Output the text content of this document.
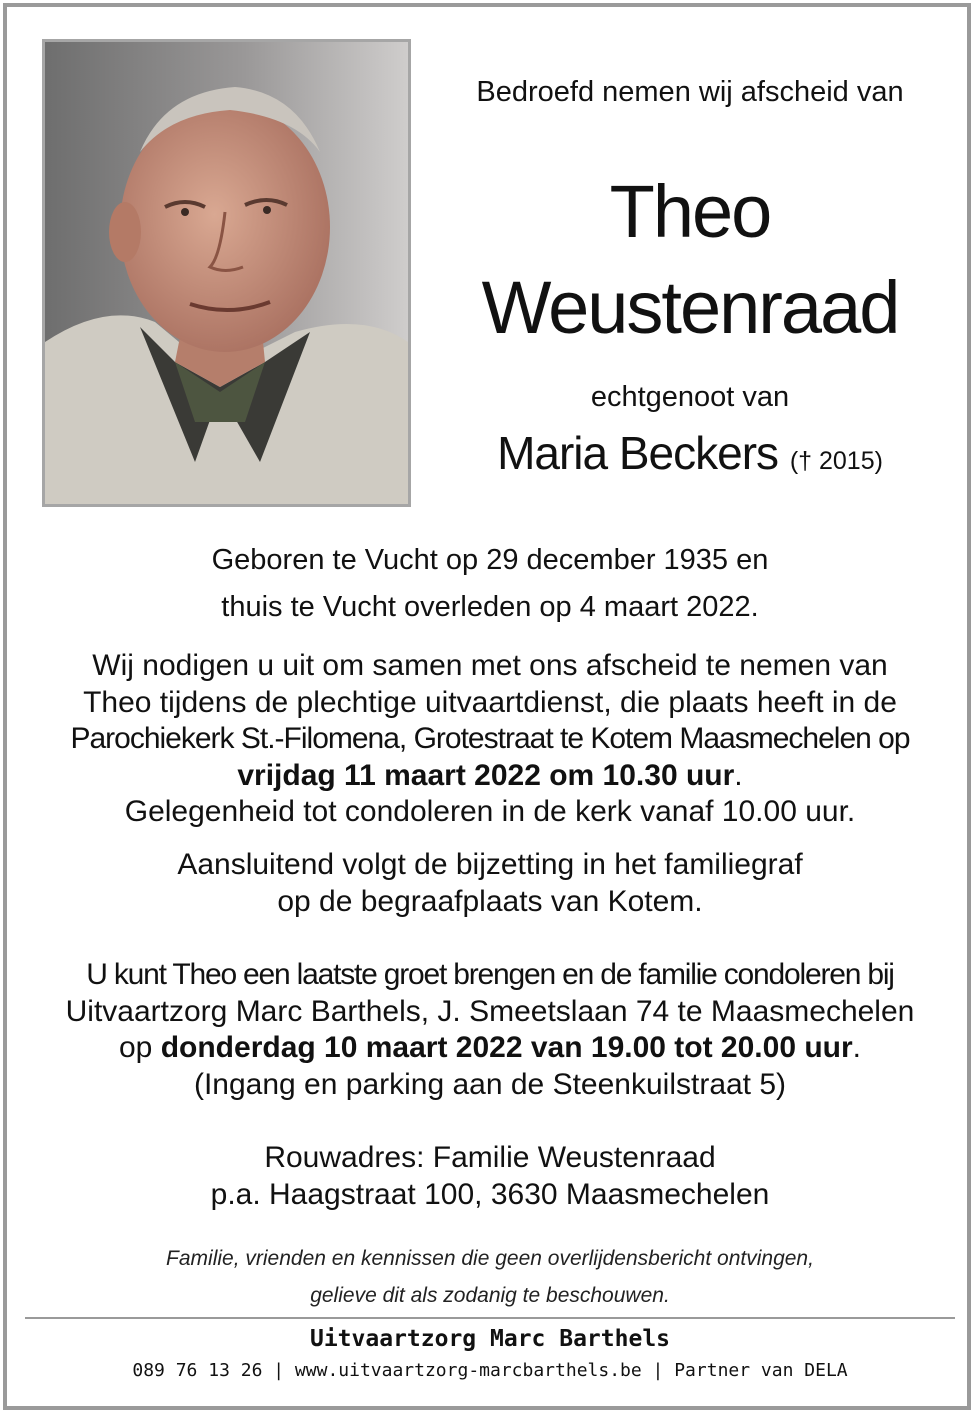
Bedroefd nemen wij afscheid van
Theo
Weustenraad
echtgenoot van
Maria Beckers († 2015)
Geboren te Vucht op 29 december 1935 en
thuis te Vucht overleden op 4 maart 2022.
Wij nodigen u uit om samen met ons afscheid te nemen van
Theo tijdens de plechtige uitvaartdienst, die plaats heeft in de
Parochiekerk St.-Filomena, Grotestraat te Kotem Maasmechelen op
vrijdag 11 maart 2022 om 10.30 uur.
Gelegenheid tot condoleren in de kerk vanaf 10.00 uur.
Aansluitend volgt de bijzetting in het familiegraf
op de begraafplaats van Kotem.
U kunt Theo een laatste groet brengen en de familie condoleren bij
Uitvaartzorg Marc Barthels, J. Smeetslaan 74 te Maasmechelen
op donderdag 10 maart 2022 van 19.00 tot 20.00 uur.
(Ingang en parking aan de Steenkuilstraat 5)
Rouwadres: Familie Weustenraad
p.a. Haagstraat 100, 3630 Maasmechelen
Familie, vrienden en kennissen die geen overlijdensbericht ontvingen,
gelieve dit als zodanig te beschouwen.
Uitvaartzorg Marc Barthels
089 76 13 26 | www.uitvaartzorg-marcbarthels.be | Partner van DELA
